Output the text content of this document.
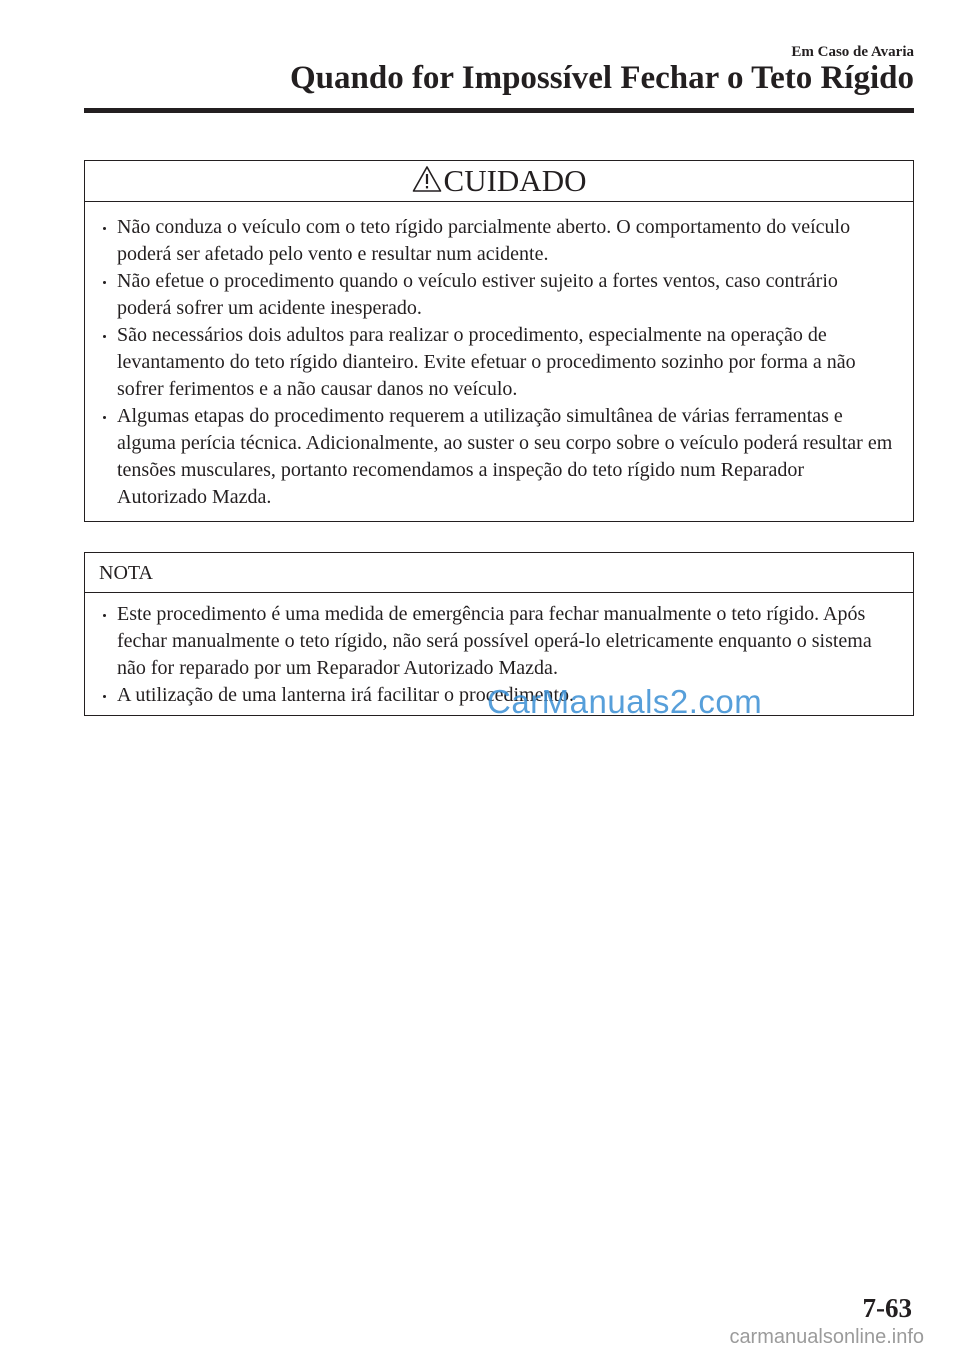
Em Caso de Avaria
Quando for Impossível Fechar o Teto Rígido
CUIDADO
Não conduza o veículo com o teto rígido parcialmente aberto. O comportamento do veículo poderá ser afetado pelo vento e resultar num acidente.
Não efetue o procedimento quando o veículo estiver sujeito a fortes ventos, caso contrário poderá sofrer um acidente inesperado.
São necessários dois adultos para realizar o procedimento, especialmente na operação de levantamento do teto rígido dianteiro. Evite efetuar o procedimento sozinho por forma a não sofrer ferimentos e a não causar danos no veículo.
Algumas etapas do procedimento requerem a utilização simultânea de várias ferramentas e alguma perícia técnica. Adicionalmente, ao suster o seu corpo sobre o veículo poderá resultar em tensões musculares, portanto recomendamos a inspeção do teto rígido num Reparador Autorizado Mazda.
NOTA
Este procedimento é uma medida de emergência para fechar manualmente o teto rígido. Após fechar manualmente o teto rígido, não será possível operá-lo eletricamente enquanto o sistema não for reparado por um Reparador Autorizado Mazda.
A utilização de uma lanterna irá facilitar o procedimento.
CarManuals2.com
7-63
carmanualsonline.info
